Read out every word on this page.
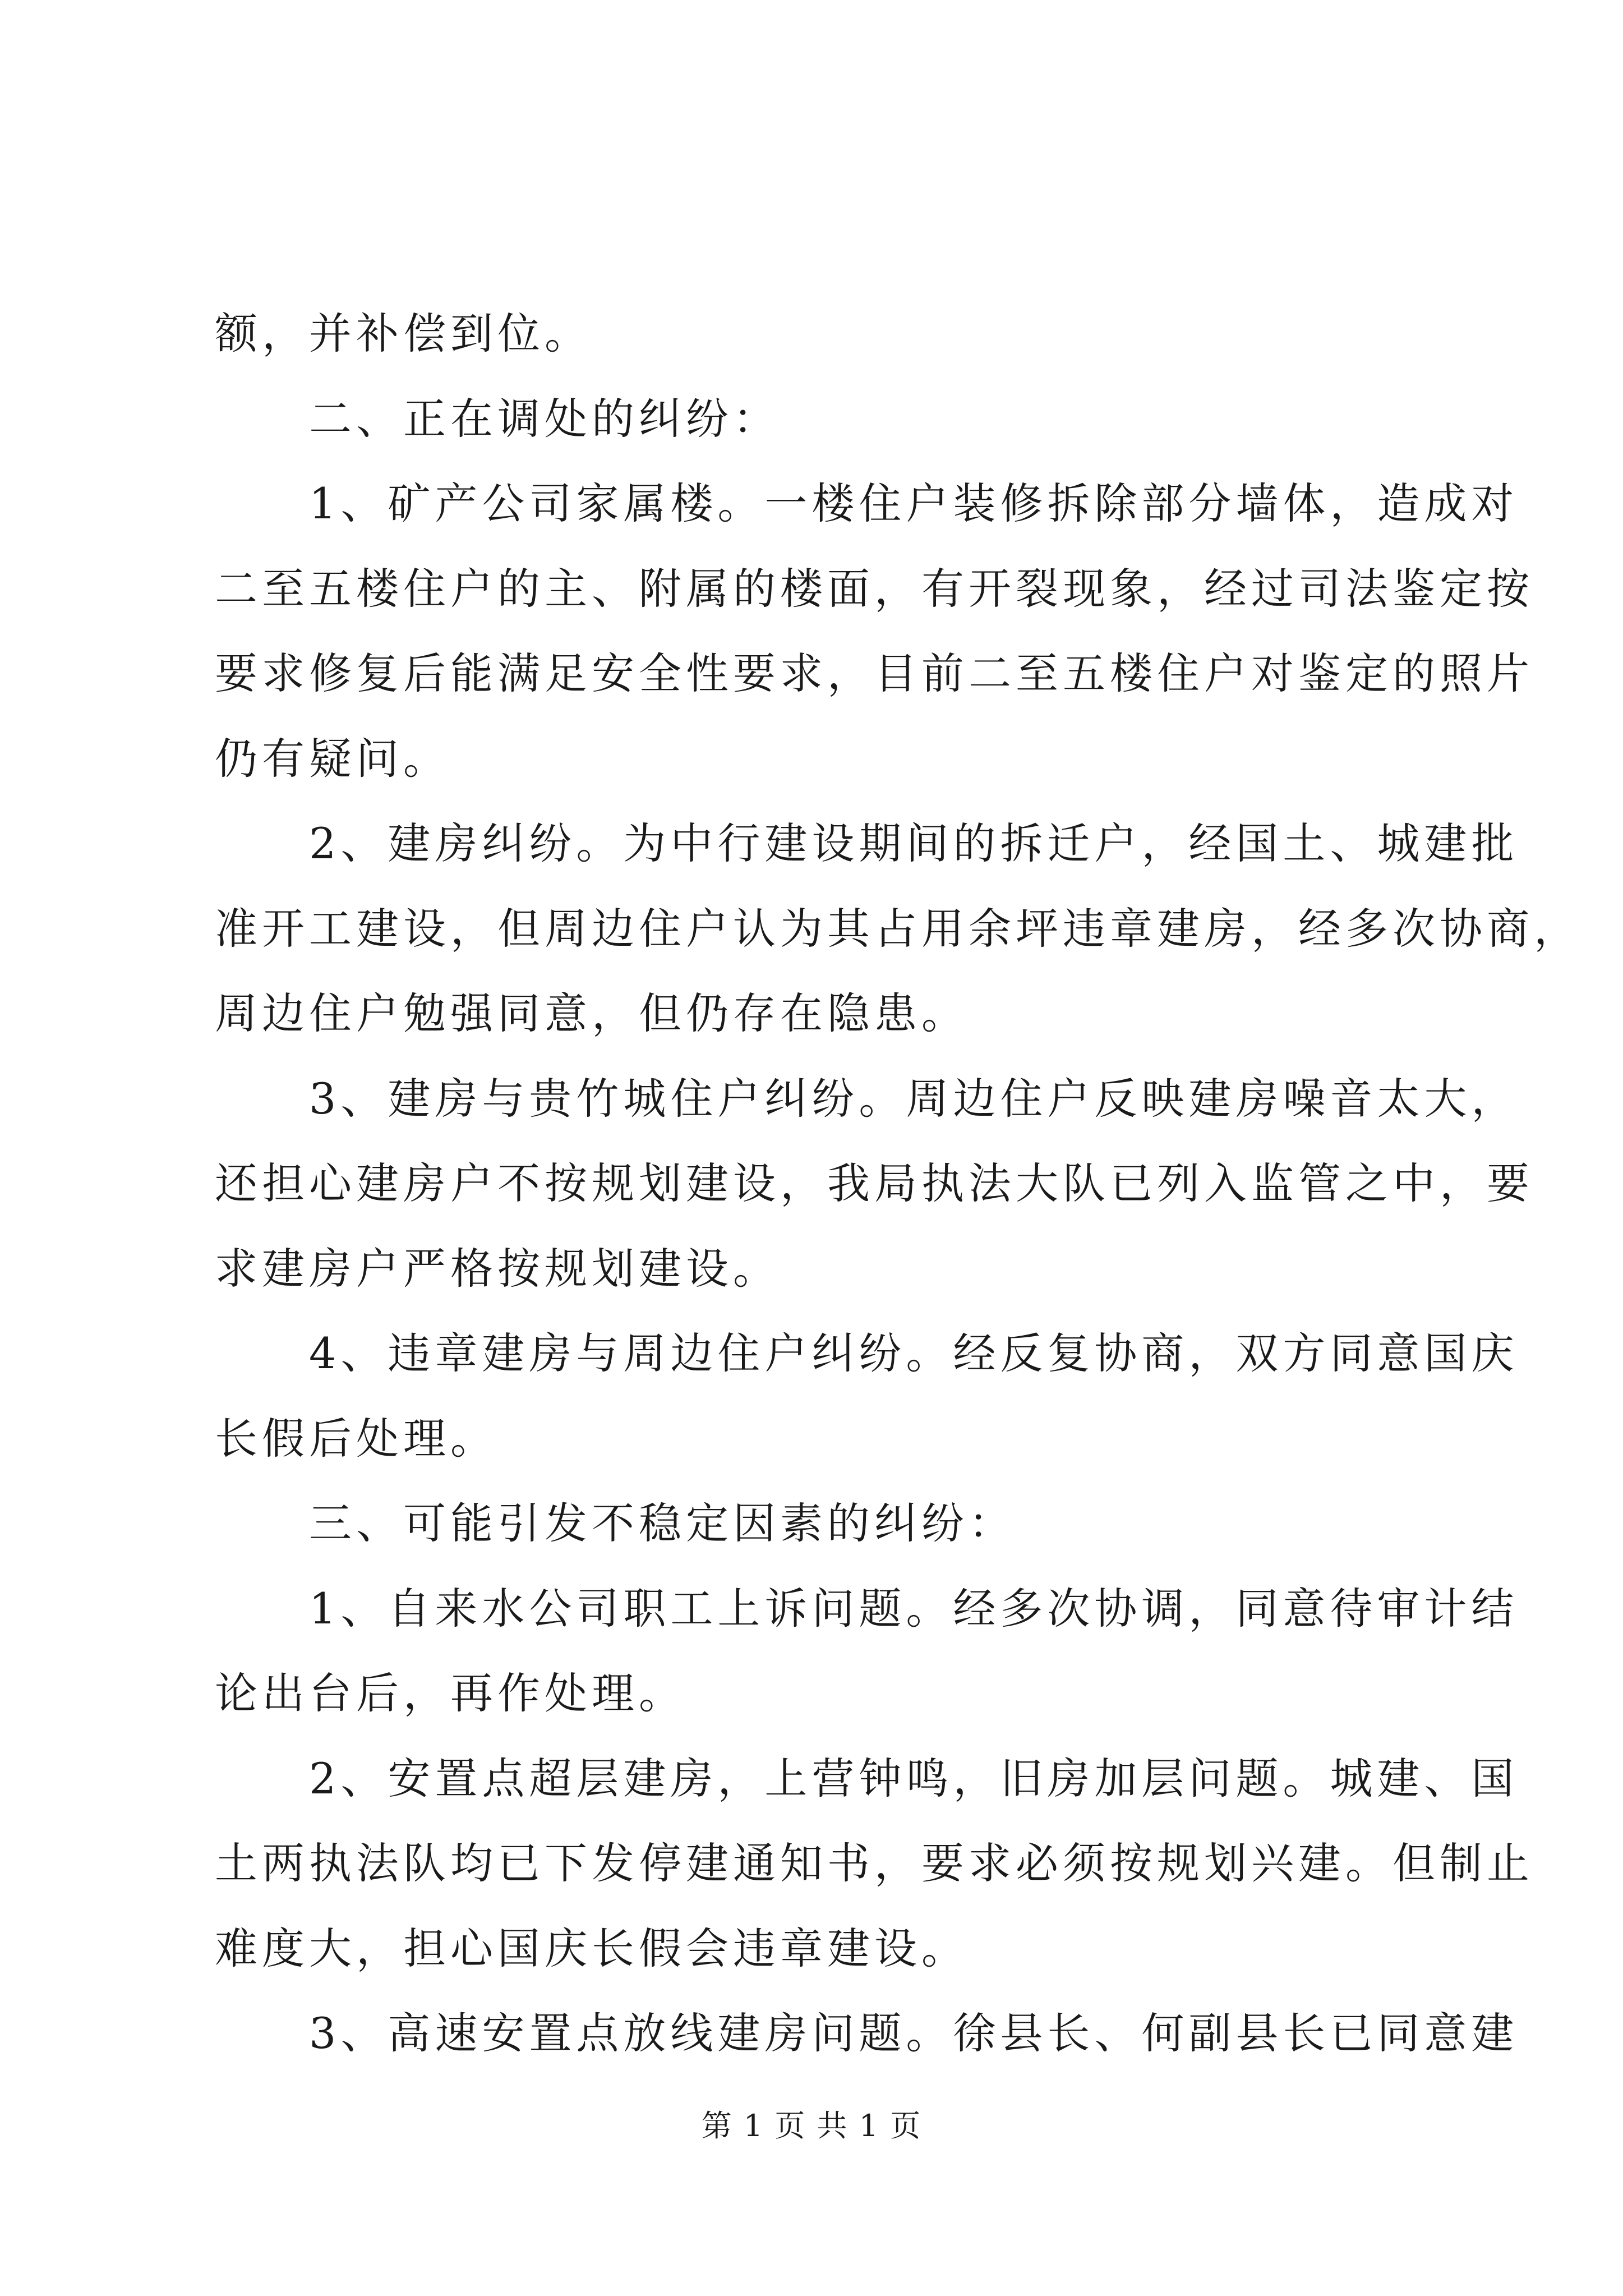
额，并补偿到位。
　　二、正在调处的纠纷：
　　1、矿产公司家属楼。一楼住户装修拆除部分墙体，造成对
二至五楼住户的主、附属的楼面，有开裂现象，经过司法鉴定按
要求修复后能满足安全性要求，目前二至五楼住户对鉴定的照片
仍有疑问。
　　2、建房纠纷。为中行建设期间的拆迁户，经国土、城建批
准开工建设，但周边住户认为其占用余坪违章建房，经多次协商，
周边住户勉强同意，但仍存在隐患。
　　3、建房与贵竹城住户纠纷。周边住户反映建房噪音太大，
还担心建房户不按规划建设，我局执法大队已列入监管之中，要
求建房户严格按规划建设。
　　4、违章建房与周边住户纠纷。经反复协商，双方同意国庆
长假后处理。
　　三、可能引发不稳定因素的纠纷：
　　1、自来水公司职工上诉问题。经多次协调，同意待审计结
论出台后，再作处理。
　　2、安置点超层建房，上营钟鸣，旧房加层问题。城建、国
土两执法队均已下发停建通知书，要求必须按规划兴建。但制止
难度大，担心国庆长假会违章建设。
　　3、高速安置点放线建房问题。徐县长、何副县长已同意建
第 1 页 共 1 页
